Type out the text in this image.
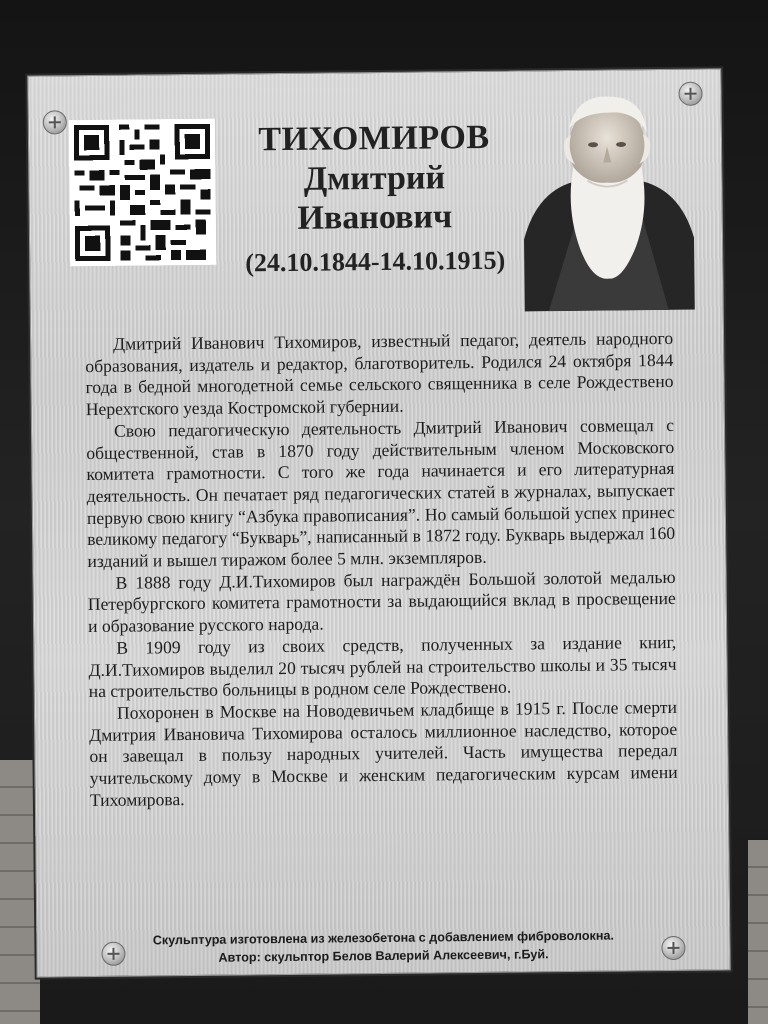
ТИХОМИРОВ
Дмитрий
Иванович
(24.10.1844-14.10.1915)

Дмитрий Иванович Тихомиров, известный педагог, деятель народного образования, издатель и редактор, благотворитель. Родился 24 октября 1844 года в бедной многодетной семье сельского священника в селе Рождествено Нерехтского уезда Костромской губернии.

Свою педагогическую деятельность Дмитрий Иванович совмещал с общественной, став в 1870 году действительным членом Московского комитета грамотности. С того же года начинается и его литературная деятельность. Он печатает ряд педагогических статей в журналах, выпускает первую свою книгу “Азбука правописания”. Но самый большой успех принес великому педагогу “Букварь”, написанный в 1872 году. Букварь выдержал 160 изданий и вышел тиражом более 5 млн. экземпляров.

В 1888 году Д.И.Тихомиров был награждён Большой золотой медалью Петербургского комитета грамотности за выдающийся вклад в просвещение и образование русского народа.

В 1909 году из своих средств, полученных за издание книг, Д.И.Тихомиров выделил 20 тысяч рублей на строительство школы и 35 тысяч на строительство больницы в родном селе Рождествено.

Похоронен в Москве на Новодевичьем кладбище в 1915 г. После смерти Дмитрия Ивановича Тихомирова осталось миллионное наследство, которое он завещал в пользу народных учителей. Часть имущества передал учительскому дому в Москве и женским педагогическим курсам имени Тихомирова.

Скульптура изготовлена из железобетона с добавлением фиброволокна.
Автор: скульптор Белов Валерий Алексеевич, г.Буй.
